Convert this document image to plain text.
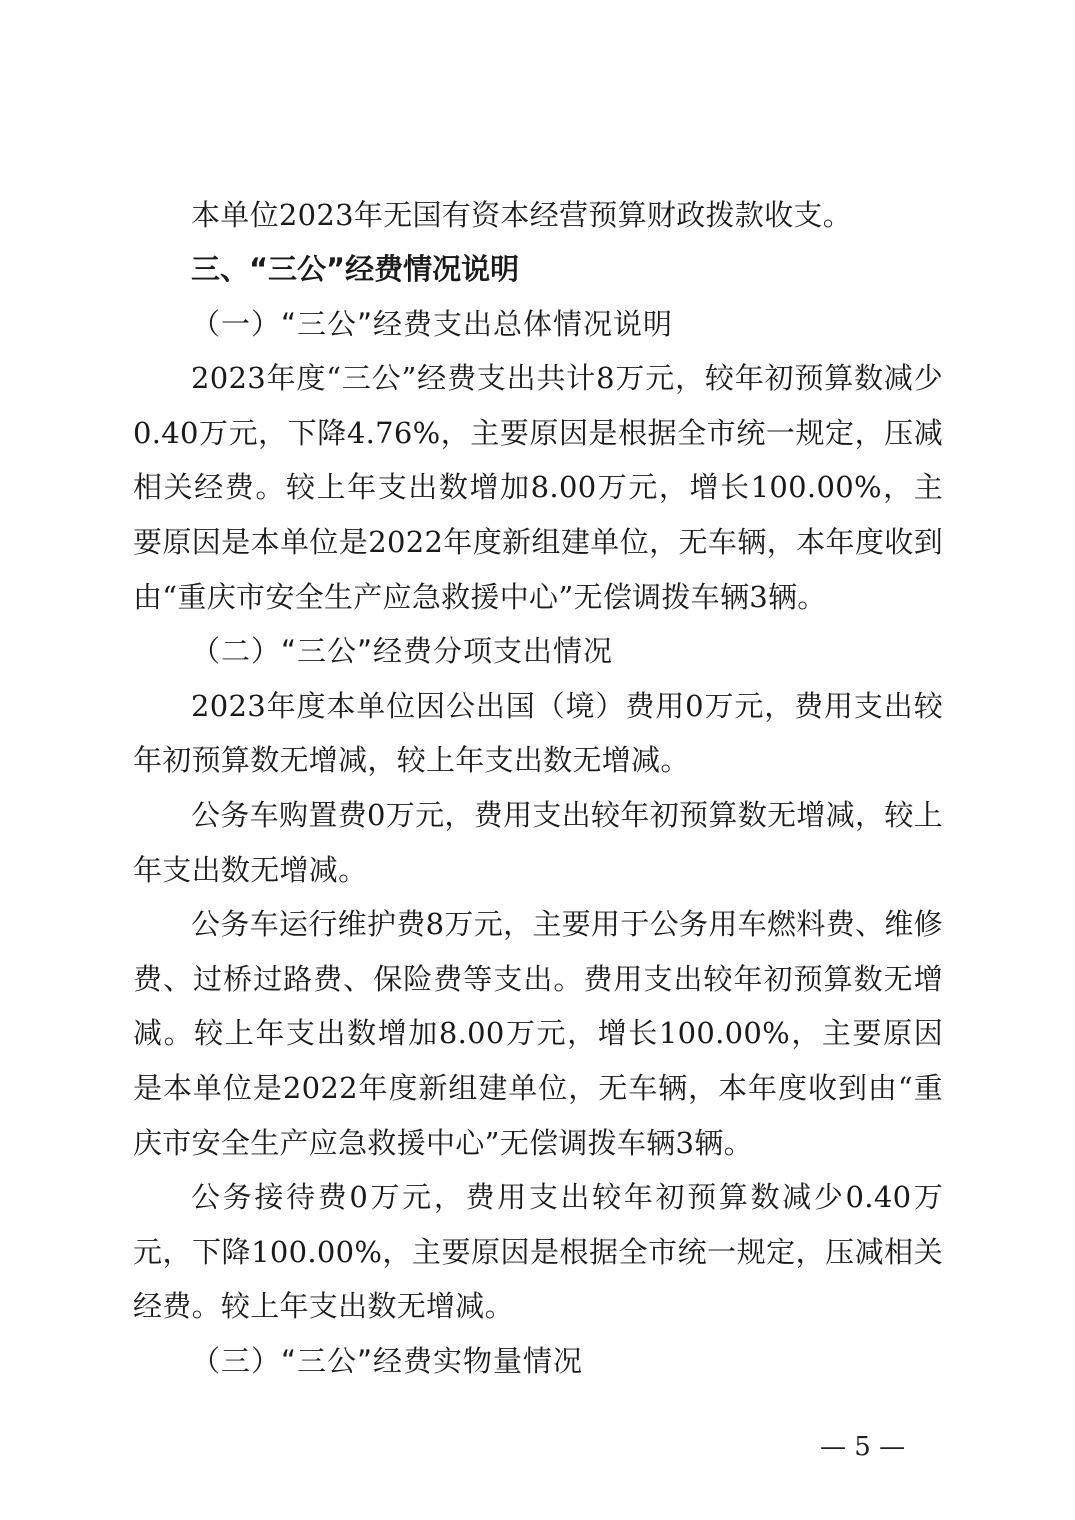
本单位2023年无国有资本经营预算财政拨款收支。

三、“三公”经费情况说明

（一）“三公”经费支出总体情况说明

2023年度“三公”经费支出共计8万元，较年初预算数减少0.40万元，下降4.76%，主要原因是根据全市统一规定，压减相关经费。较上年支出数增加8.00万元，增长100.00%，主要原因是本单位是2022年度新组建单位，无车辆，本年度收到由“重庆市安全生产应急救援中心”无偿调拨车辆3辆。

（二）“三公”经费分项支出情况

2023年度本单位因公出国（境）费用0万元，费用支出较年初预算数无增减，较上年支出数无增减。

公务车购置费0万元，费用支出较年初预算数无增减，较上年支出数无增减。

公务车运行维护费8万元，主要用于公务用车燃料费、维修费、过桥过路费、保险费等支出。费用支出较年初预算数无增减。较上年支出数增加8.00万元，增长100.00%，主要原因是本单位是2022年度新组建单位，无车辆，本年度收到由“重庆市安全生产应急救援中心”无偿调拨车辆3辆。

公务接待费0万元，费用支出较年初预算数减少0.40万元，下降100.00%，主要原因是根据全市统一规定，压减相关经费。较上年支出数无增减。

（三）“三公”经费实物量情况

— 5 —
